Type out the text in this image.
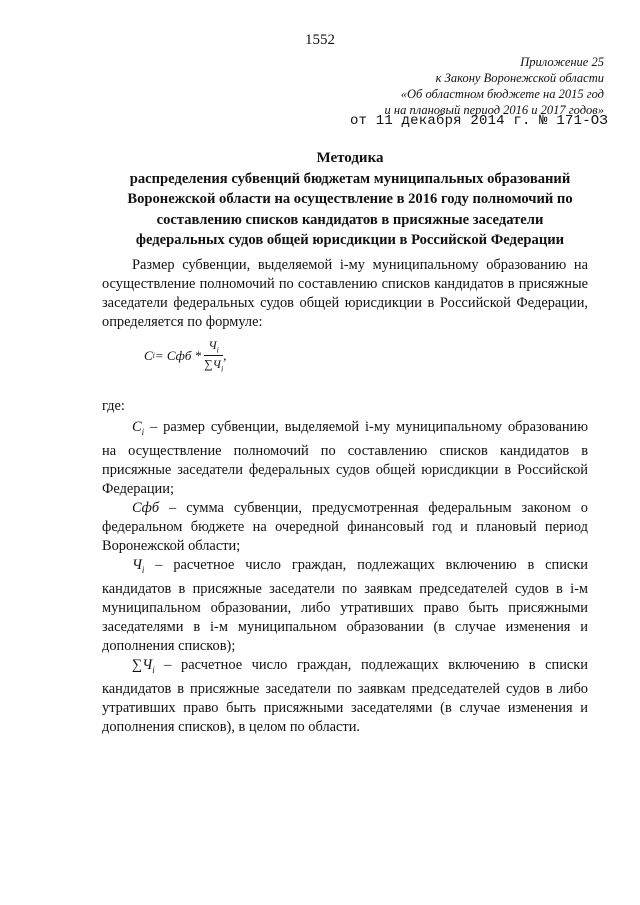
1552
Приложение 25
к Закону Воронежской области
«Об областном бюджете на 2015 год
и на плановый период 2016 и 2017 годов»
от 11 декабря 2014 г. № 171-ОЗ
Методика
распределения субвенций бюджетам муниципальных образований
Воронежской области на осуществление в 2016 году полномочий по
составлению списков кандидатов в присяжные заседатели
федеральных судов общей юрисдикции в Российской Федерации
Размер субвенции, выделяемой i-му муниципальному образованию на осуществление полномочий по составлению списков кандидатов в присяжные заседатели федеральных судов общей юрисдикции в Российской Федерации, определяется по формуле:
C i = Cфб * $\frac{Ч_i}{\sum Ч_i}$ ,
где:

$C_i$ – размер субвенции, выделяемой i-му муниципальному образованию на осуществление полномочий по составлению списков кандидатов в присяжные заседатели федеральных судов общей юрисдикции в Российской Федерации;

Cфб – сумма субвенции, предусмотренная федеральным законом о федеральном бюджете на очередной финансовый год и плановый период Воронежской области;

$Ч_i$ – расчетное число граждан, подлежащих включению в списки кандидатов в присяжные заседатели по заявкам председателей судов в i-м муниципальном образовании, либо утративших право быть присяжными заседателями в i-м муниципальном образовании (в случае изменения и дополнения списков);

$\sum Ч_i$ – расчетное число граждан, подлежащих включению в списки кандидатов в присяжные заседатели по заявкам председателей судов в либо утративших право быть присяжными заседателями (в случае изменения и дополнения списков), в целом по области.
